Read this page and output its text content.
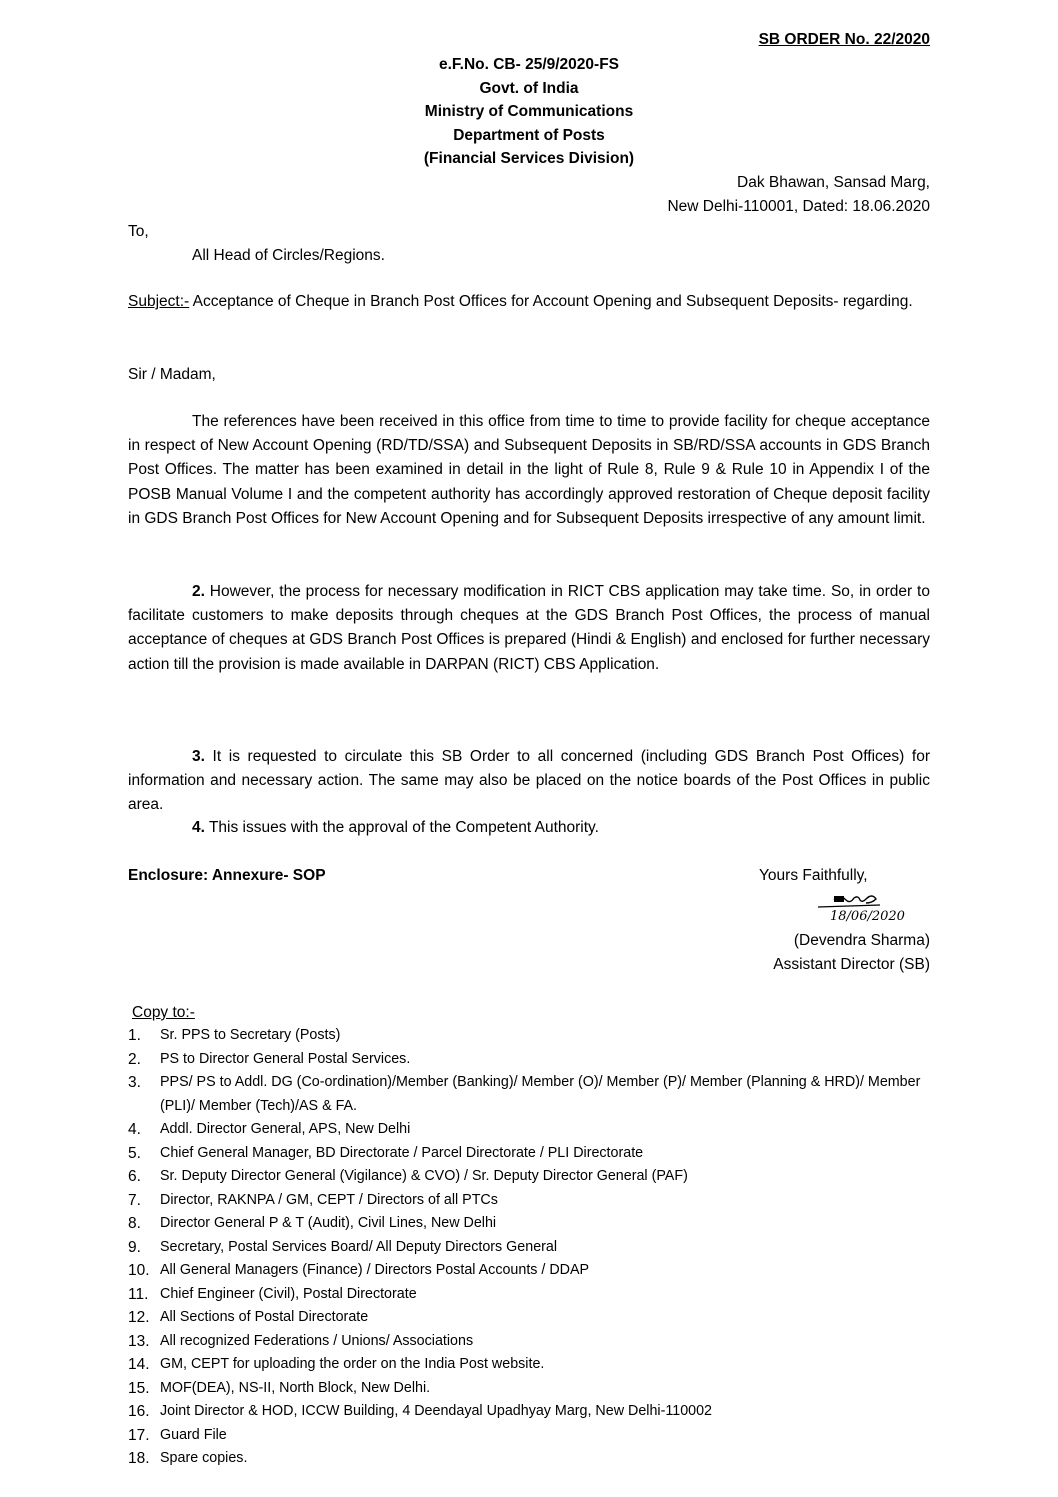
SB ORDER No. 22/2020
e.F.No. CB- 25/9/2020-FS
Govt. of India
Ministry of Communications
Department of Posts
(Financial Services Division)
Dak Bhawan, Sansad Marg,
New Delhi-110001, Dated: 18.06.2020
To,
All Head of Circles/Regions.
Subject:- Acceptance of Cheque in Branch Post Offices for Account Opening and Subsequent Deposits- regarding.
Sir / Madam,
The references have been received in this office from time to time to provide facility for cheque acceptance in respect of New Account Opening (RD/TD/SSA) and Subsequent Deposits in SB/RD/SSA accounts in GDS Branch Post Offices. The matter has been examined in detail in the light of Rule 8, Rule 9 & Rule 10 in Appendix I of the POSB Manual Volume I and the competent authority has accordingly approved restoration of Cheque deposit facility in GDS Branch Post Offices for New Account Opening and for Subsequent Deposits irrespective of any amount limit.
2. However, the process for necessary modification in RICT CBS application may take time. So, in order to facilitate customers to make deposits through cheques at the GDS Branch Post Offices, the process of manual acceptance of cheques at GDS Branch Post Offices is prepared (Hindi & English) and enclosed for further necessary action till the provision is made available in DARPAN (RICT) CBS Application.
3. It is requested to circulate this SB Order to all concerned (including GDS Branch Post Offices) for information and necessary action. The same may also be placed on the notice boards of the Post Offices in public area.
4. This issues with the approval of the Competent Authority.
Enclosure: Annexure- SOP	Yours Faithfully,
18/06/2020
(Devendra Sharma)
Assistant Director (SB)
Copy to:-
1.	Sr. PPS to Secretary (Posts)
2.	PS to Director General Postal Services.
3.	PPS/ PS to Addl. DG (Co-ordination)/Member (Banking)/ Member (O)/ Member (P)/ Member (Planning & HRD)/ Member (PLI)/ Member (Tech)/AS & FA.
4.	Addl. Director General, APS, New Delhi
5.	Chief General Manager, BD Directorate / Parcel Directorate / PLI Directorate
6.	Sr. Deputy Director General (Vigilance) & CVO) / Sr. Deputy Director General (PAF)
7.	Director, RAKNPA / GM, CEPT / Directors of all PTCs
8.	Director General P & T (Audit), Civil Lines, New Delhi
9.	Secretary, Postal Services Board/ All Deputy Directors General
10. All General Managers (Finance) / Directors Postal Accounts / DDAP
11. Chief Engineer (Civil), Postal Directorate
12. All Sections of Postal Directorate
13. All recognized Federations / Unions/ Associations
14. GM, CEPT for uploading the order on the India Post website.
15. MOF(DEA), NS-II, North Block, New Delhi.
16. Joint Director & HOD, ICCW Building, 4 Deendayal Upadhyay Marg, New Delhi-110002
17. Guard File
18. Spare copies.
